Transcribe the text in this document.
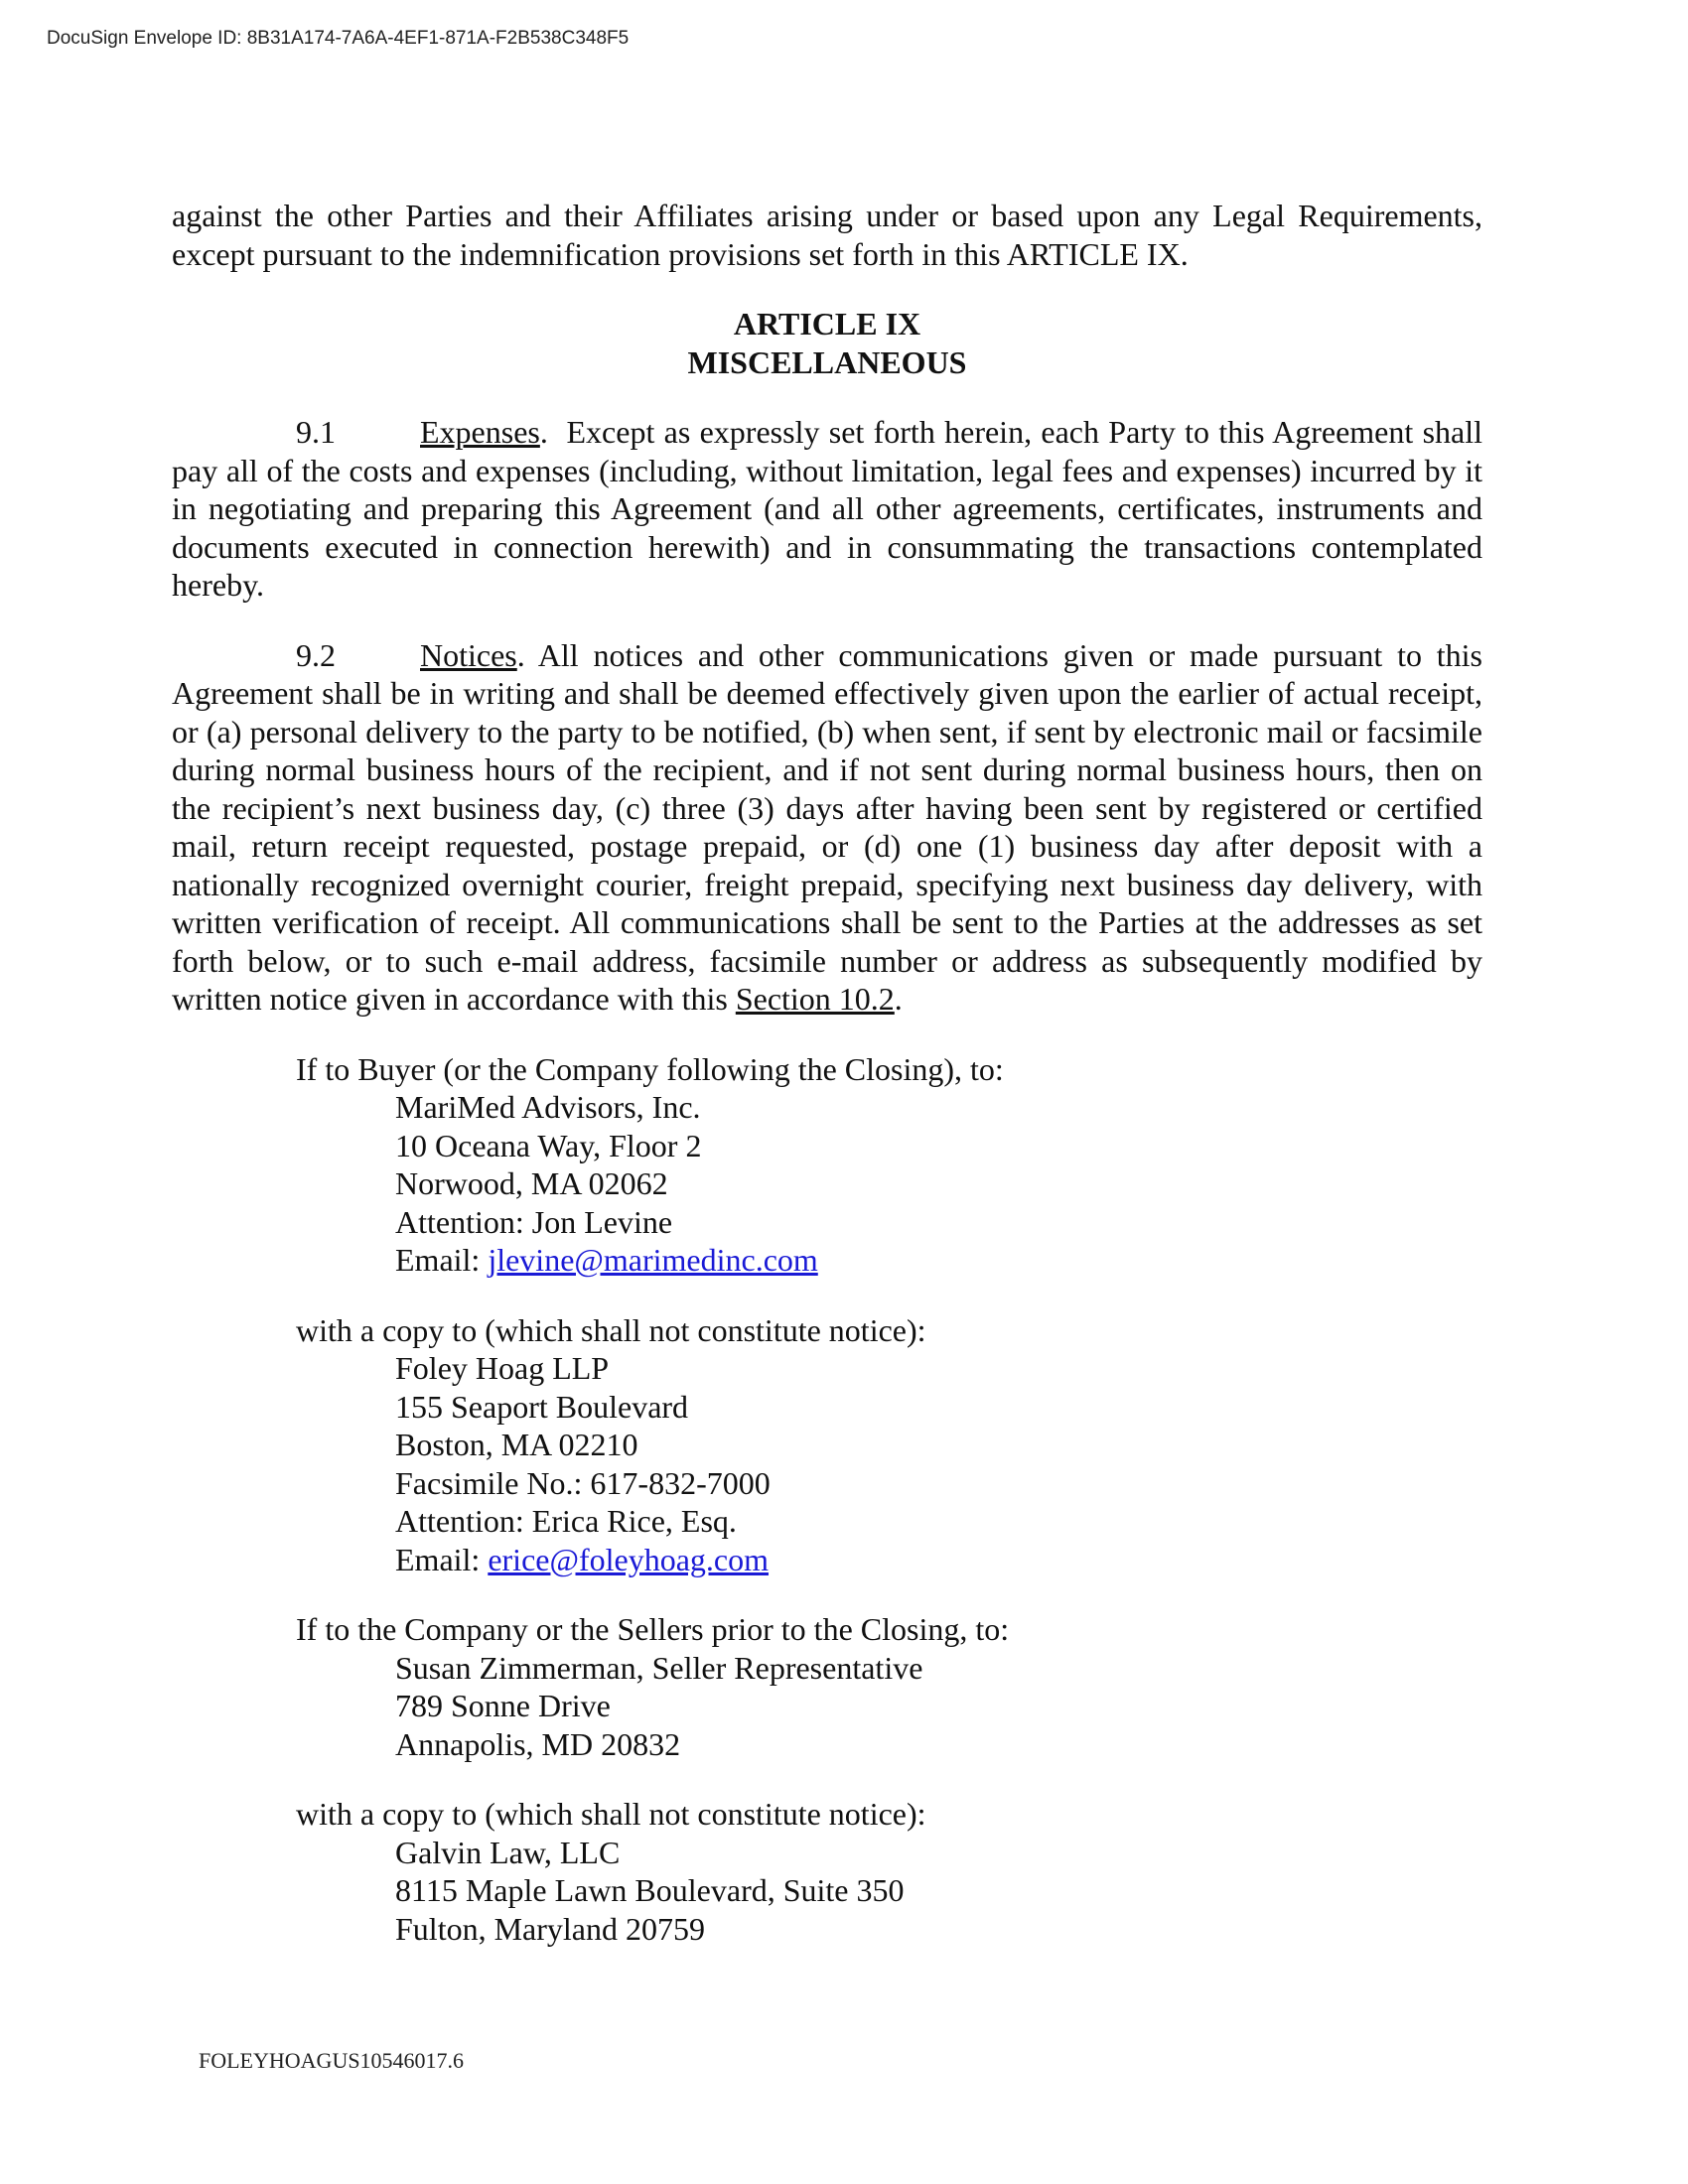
DocuSign Envelope ID: 8B31A174-7A6A-4EF1-871A-F2B538C348F5

against the other Parties and their Affiliates arising under or based upon any Legal Requirements, except pursuant to the indemnification provisions set forth in this ARTICLE IX.

ARTICLE IX
MISCELLANEOUS

9.1	Expenses. Except as expressly set forth herein, each Party to this Agreement shall pay all of the costs and expenses (including, without limitation, legal fees and expenses) incurred by it in negotiating and preparing this Agreement (and all other agreements, certificates, instruments and documents executed in connection herewith) and in consummating the transactions contemplated hereby.

9.2	Notices. All notices and other communications given or made pursuant to this Agreement shall be in writing and shall be deemed effectively given upon the earlier of actual receipt, or (a) personal delivery to the party to be notified, (b) when sent, if sent by electronic mail or facsimile during normal business hours of the recipient, and if not sent during normal business hours, then on the recipient’s next business day, (c) three (3) days after having been sent by registered or certified mail, return receipt requested, postage prepaid, or (d) one (1) business day after deposit with a nationally recognized overnight courier, freight prepaid, specifying next business day delivery, with written verification of receipt. All communications shall be sent to the Parties at the addresses as set forth below, or to such e-mail address, facsimile number or address as subsequently modified by written notice given in accordance with this Section 10.2.

If to Buyer (or the Company following the Closing), to:

MariMed Advisors, Inc.

10 Oceana Way, Floor 2

Norwood, MA 02062

Attention: Jon Levine

Email: jlevine@marimedinc.com

with a copy to (which shall not constitute notice):

Foley Hoag LLP

155 Seaport Boulevard

Boston, MA 02210

Facsimile No.: 617-832-7000

Attention: Erica Rice, Esq.

Email: erice@foleyhoag.com

If to the Company or the Sellers prior to the Closing, to:

Susan Zimmerman, Seller Representative

789 Sonne Drive

Annapolis, MD 20832

with a copy to (which shall not constitute notice):

Galvin Law, LLC

8115 Maple Lawn Boulevard, Suite 350

Fulton, Maryland 20759

FOLEYHOAGUS10546017.6
